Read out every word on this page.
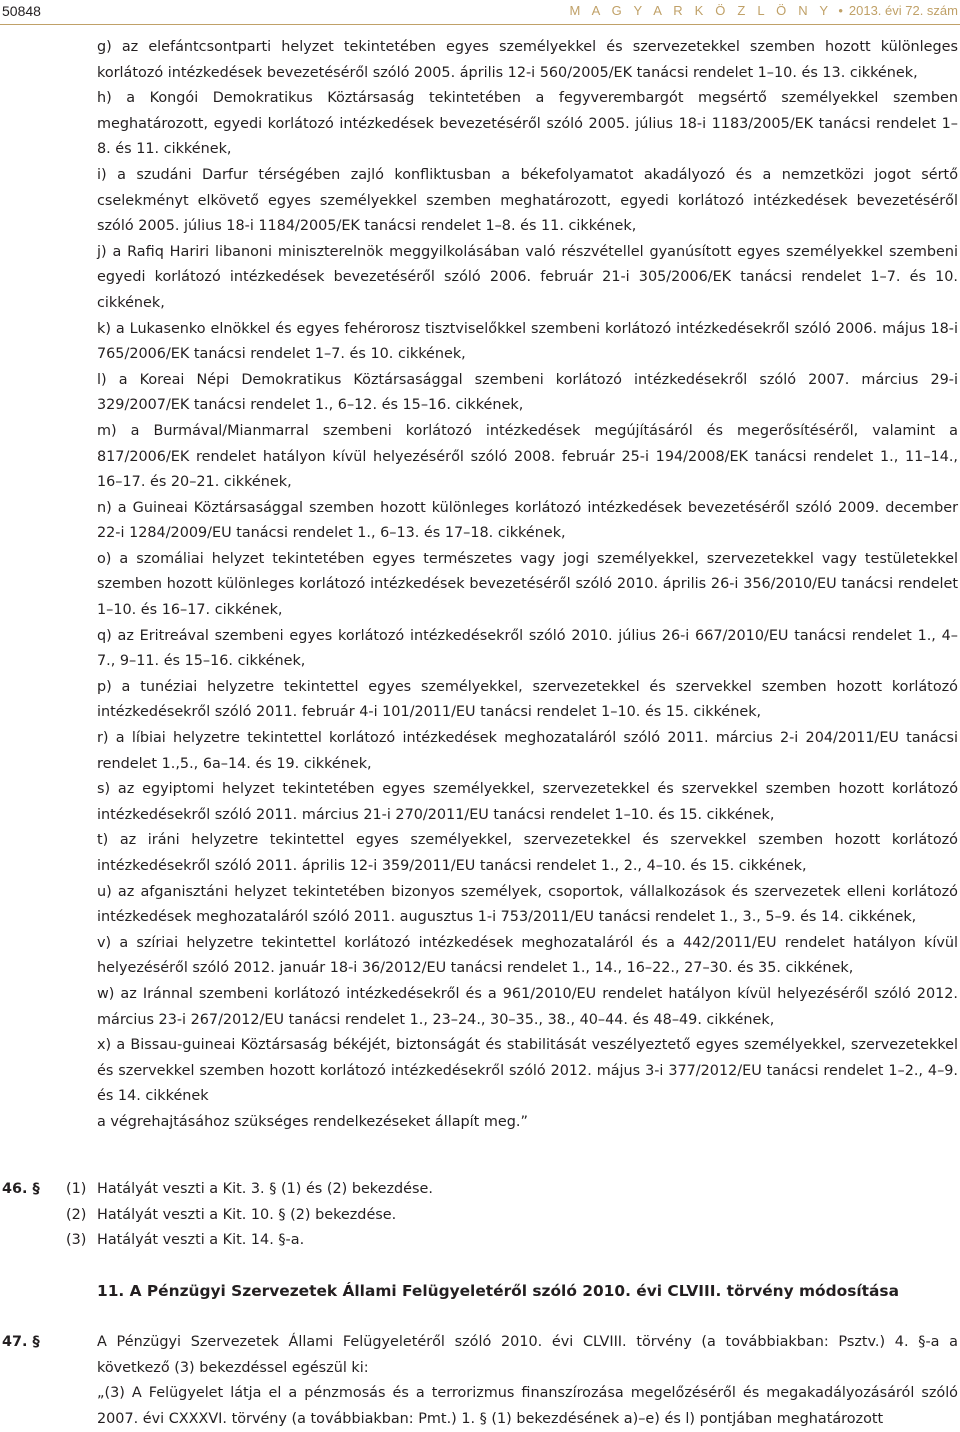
50848	M A G Y A R K Ö Z L Ö N Y • 2013. évi 72. szám

g) az elefántcsontparti helyzet tekintetében egyes személyekkel és szervezetekkel szemben hozott különleges korlátozó intézkedések bevezetéséről szóló 2005. április 12-i 560/2005/EK tanácsi rendelet 1–10. és 13. cikkének,

h) a Kongói Demokratikus Köztársaság tekintetében a fegyverembargót megsértő személyekkel szemben meghatározott, egyedi korlátozó intézkedések bevezetéséről szóló 2005. július 18-i 1183/2005/EK tanácsi rendelet 1–8. és 11. cikkének,

i) a szudáni Darfur térségében zajló konfliktusban a békefolyamatot akadályozó és a nemzetközi jogot sértő cselekményt elkövető egyes személyekkel szemben meghatározott, egyedi korlátozó intézkedések bevezetéséről szóló 2005. július 18-i 1184/2005/EK tanácsi rendelet 1–8. és 11. cikkének,

j) a Rafiq Hariri libanoni miniszterelnök meggyilkolásában való részvétellel gyanúsított egyes személyekkel szembeni egyedi korlátozó intézkedések bevezetéséről szóló 2006. február 21-i 305/2006/EK tanácsi rendelet 1–7. és 10. cikkének,

k) a Lukasenko elnökkel és egyes fehérorosz tisztviselőkkel szembeni korlátozó intézkedésekről szóló 2006. május 18-i 765/2006/EK tanácsi rendelet 1–7. és 10. cikkének,

l) a Koreai Népi Demokratikus Köztársasággal szembeni korlátozó intézkedésekről szóló 2007. március 29-i 329/2007/EK tanácsi rendelet 1., 6–12. és 15–16. cikkének,

m) a Burmával/Mianmarral szembeni korlátozó intézkedések megújításáról és megerősítéséről, valamint a 817/2006/EK rendelet hatályon kívül helyezéséről szóló 2008. február 25-i 194/2008/EK tanácsi rendelet 1., 11–14., 16–17. és 20–21. cikkének,

n) a Guineai Köztársasággal szemben hozott különleges korlátozó intézkedések bevezetéséről szóló 2009. december 22-i 1284/2009/EU tanácsi rendelet 1., 6–13. és 17–18. cikkének,

o) a szomáliai helyzet tekintetében egyes természetes vagy jogi személyekkel, szervezetekkel vagy testületekkel szemben hozott különleges korlátozó intézkedések bevezetéséről szóló 2010. április 26-i 356/2010/EU tanácsi rendelet 1–10. és 16–17. cikkének,

q) az Eritreával szembeni egyes korlátozó intézkedésekről szóló 2010. július 26-i 667/2010/EU tanácsi rendelet 1., 4–7., 9–11. és 15–16. cikkének,

p) a tunéziai helyzetre tekintettel egyes személyekkel, szervezetekkel és szervekkel szemben hozott korlátozó intézkedésekről szóló 2011. február 4-i 101/2011/EU tanácsi rendelet 1–10. és 15. cikkének,

r) a líbiai helyzetre tekintettel korlátozó intézkedések meghozataláról szóló 2011. március 2-i 204/2011/EU tanácsi rendelet 1.,5., 6a–14. és 19. cikkének,

s) az egyiptomi helyzet tekintetében egyes személyekkel, szervezetekkel és szervekkel szemben hozott korlátozó intézkedésekről szóló 2011. március 21-i 270/2011/EU tanácsi rendelet 1–10. és 15. cikkének,

t) az iráni helyzetre tekintettel egyes személyekkel, szervezetekkel és szervekkel szemben hozott korlátozó intézkedésekről szóló 2011. április 12-i 359/2011/EU tanácsi rendelet 1., 2., 4–10. és 15. cikkének,

u) az afganisztáni helyzet tekintetében bizonyos személyek, csoportok, vállalkozások és szervezetek elleni korlátozó intézkedések meghozataláról szóló 2011. augusztus 1-i 753/2011/EU tanácsi rendelet 1., 3., 5–9. és 14. cikkének,

v) a szíriai helyzetre tekintettel korlátozó intézkedések meghozataláról és a 442/2011/EU rendelet hatályon kívül helyezéséről szóló 2012. január 18-i 36/2012/EU tanácsi rendelet 1., 14., 16–22., 27–30. és 35. cikkének,

w) az Iránnal szembeni korlátozó intézkedésekről és a 961/2010/EU rendelet hatályon kívül helyezéséről szóló 2012. március 23-i 267/2012/EU tanácsi rendelet 1., 23–24., 30–35., 38., 40–44. és 48–49. cikkének,

x) a Bissau-guineai Köztársaság békéjét, biztonságát és stabilitását veszélyeztető egyes személyekkel, szervezetekkel és szervekkel szemben hozott korlátozó intézkedésekről szóló 2012. május 3-i 377/2012/EU tanácsi rendelet 1–2., 4–9. és 14. cikkének

a végrehajtásához szükséges rendelkezéseket állapít meg.”

46. § (1) Hatályát veszti a Kit. 3. § (1) és (2) bekezdése.
(2) Hatályát veszti a Kit. 10. § (2) bekezdése.
(3) Hatályát veszti a Kit. 14. §-a.
11. A Pénzügyi Szervezetek Állami Felügyeletéről szóló 2010. évi CLVIII. törvény módosítása
47. §	A Pénzügyi Szervezetek Állami Felügyeletéről szóló 2010. évi CLVIII. törvény (a továbbiakban: Psztv.) 4. §-a a következő (3) bekezdéssel egészül ki:

„(3) A Felügyelet látja el a pénzmosás és a terrorizmus finanszírozása megelőzéséről és megakadályozásáról szóló 2007. évi CXXXVI. törvény (a továbbiakban: Pmt.) 1. § (1) bekezdésének a)–e) és l) pontjában meghatározott
